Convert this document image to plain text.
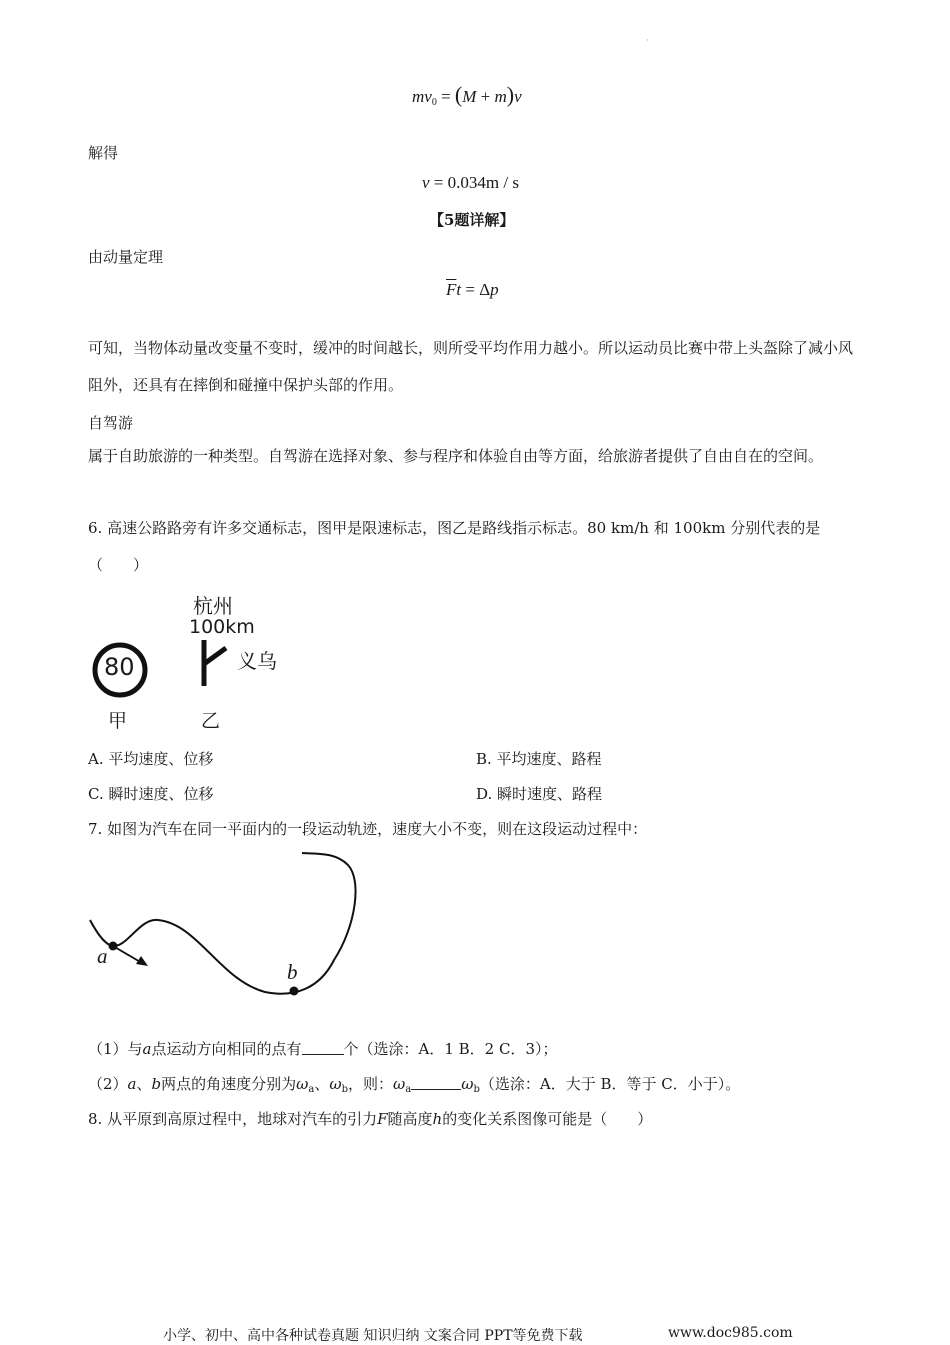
·
$mv_0 = (M + m)v$
解得
v = 0.034m / s
【5题详解】
由动量定理
$\overline{F}t = \Delta p$
可知，当物体动量改变量不变时，缓冲的时间越长，则所受平均作用力越小。所以运动员比赛中带上头盔除了减小风阻外，还具有在摔倒和碰撞中保护头部的作用。
自驾游
属于自助旅游的一种类型。自驾游在选择对象、参与程序和体验自由等方面，给旅游者提供了自由自在的空间。
6. 高速公路路旁有许多交通标志，图甲是限速标志，图乙是路线指示标志。80 km/h 和 100km 分别代表的是（　　）
80
甲
杭州
100km
义乌
乙
A. 平均速度、位移	B. 平均速度、路程
C. 瞬时速度、位移	D. 瞬时速度、路程
7. 如图为汽车在同一平面内的一段运动轨迹，速度大小不变，则在这段运动过程中：
a
b
（1）与a点运动方向相同的点有	个（选涂：A．1 B．2 C．3）；
（2）a、b两点的角速度分别为$\omega_a$、$\omega_b$，则：$\omega_a$	$\omega_b$（选涂：A．大于 B．等于 C．小于）。
8. 从平原到高原过程中，地球对汽车的引力F随高度h的变化关系图像可能是（　　）
小学、初中、高中各种试卷真题 知识归纳 文案合同 PPT等免费下载	www.doc985.com
